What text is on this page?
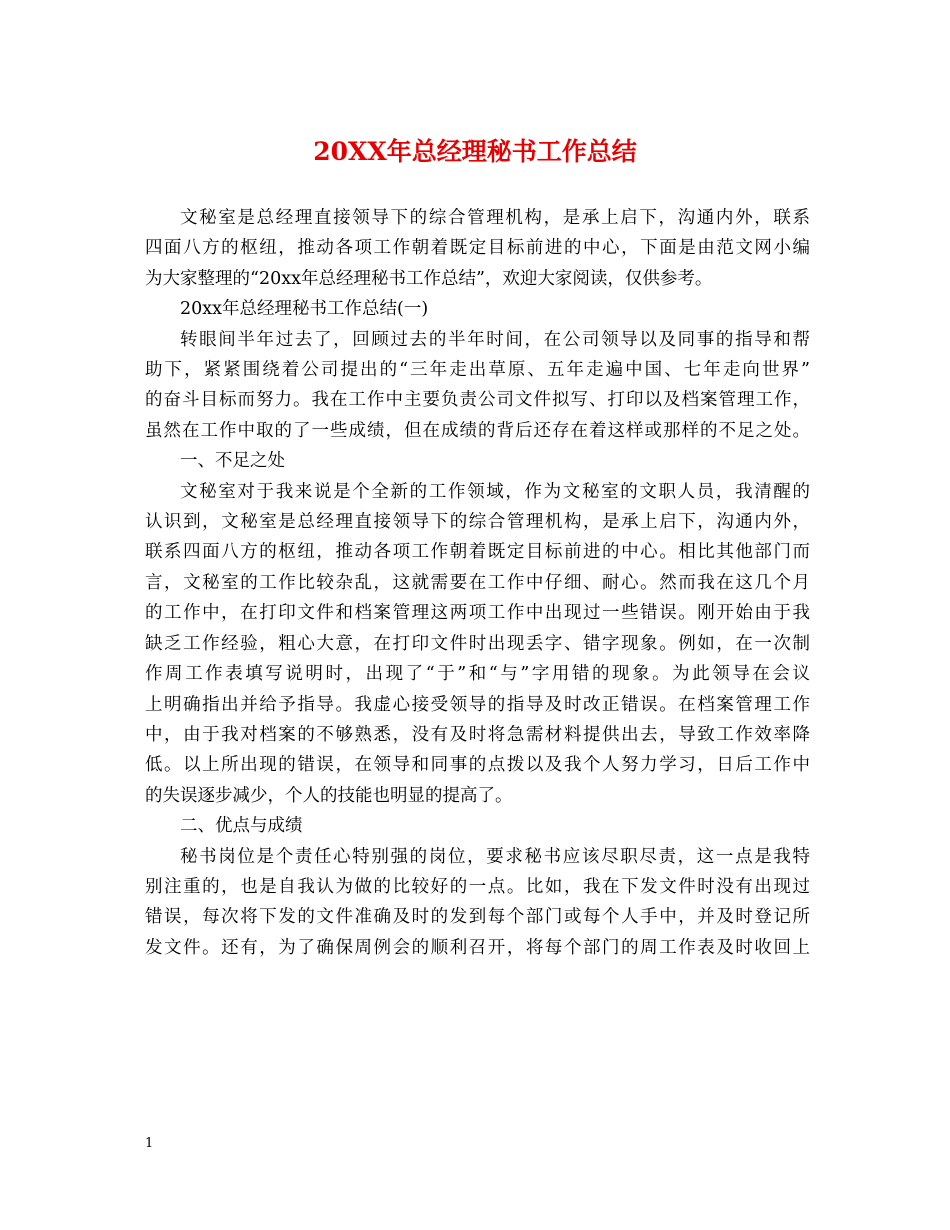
20XX年总经理秘书工作总结

文秘室是总经理直接领导下的综合管理机构，是承上启下，沟通内外，联系

四面八方的枢纽，推动各项工作朝着既定目标前进的中心，下面是由范文网小编

为大家整理的“20xx年总经理秘书工作总结”，欢迎大家阅读，仅供参考。

20xx年总经理秘书工作总结(一)

转眼间半年过去了，回顾过去的半年时间，在公司领导以及同事的指导和帮

助下，紧紧围绕着公司提出的“三年走出草原、五年走遍中国、七年走向世界”

的奋斗目标而努力。我在工作中主要负责公司文件拟写、打印以及档案管理工作，

虽然在工作中取的了一些成绩，但在成绩的背后还存在着这样或那样的不足之处。

一、不足之处

文秘室对于我来说是个全新的工作领域，作为文秘室的文职人员，我清醒的

认识到，文秘室是总经理直接领导下的综合管理机构，是承上启下，沟通内外，

联系四面八方的枢纽，推动各项工作朝着既定目标前进的中心。相比其他部门而

言，文秘室的工作比较杂乱，这就需要在工作中仔细、耐心。然而我在这几个月

的工作中，在打印文件和档案管理这两项工作中出现过一些错误。刚开始由于我

缺乏工作经验，粗心大意，在打印文件时出现丢字、错字现象。例如，在一次制

作周工作表填写说明时，出现了“于”和“与”字用错的现象。为此领导在会议

上明确指出并给予指导。我虚心接受领导的指导及时改正错误。在档案管理工作

中，由于我对档案的不够熟悉，没有及时将急需材料提供出去，导致工作效率降

低。以上所出现的错误，在领导和同事的点拨以及我个人努力学习，日后工作中

的失误逐步减少，个人的技能也明显的提高了。

二、优点与成绩

秘书岗位是个责任心特别强的岗位，要求秘书应该尽职尽责，这一点是我特

别注重的，也是自我认为做的比较好的一点。比如，我在下发文件时没有出现过

错误，每次将下发的文件准确及时的发到每个部门或每个人手中，并及时登记所

发文件。还有，为了确保周例会的顺利召开，将每个部门的周工作表及时收回上

1
